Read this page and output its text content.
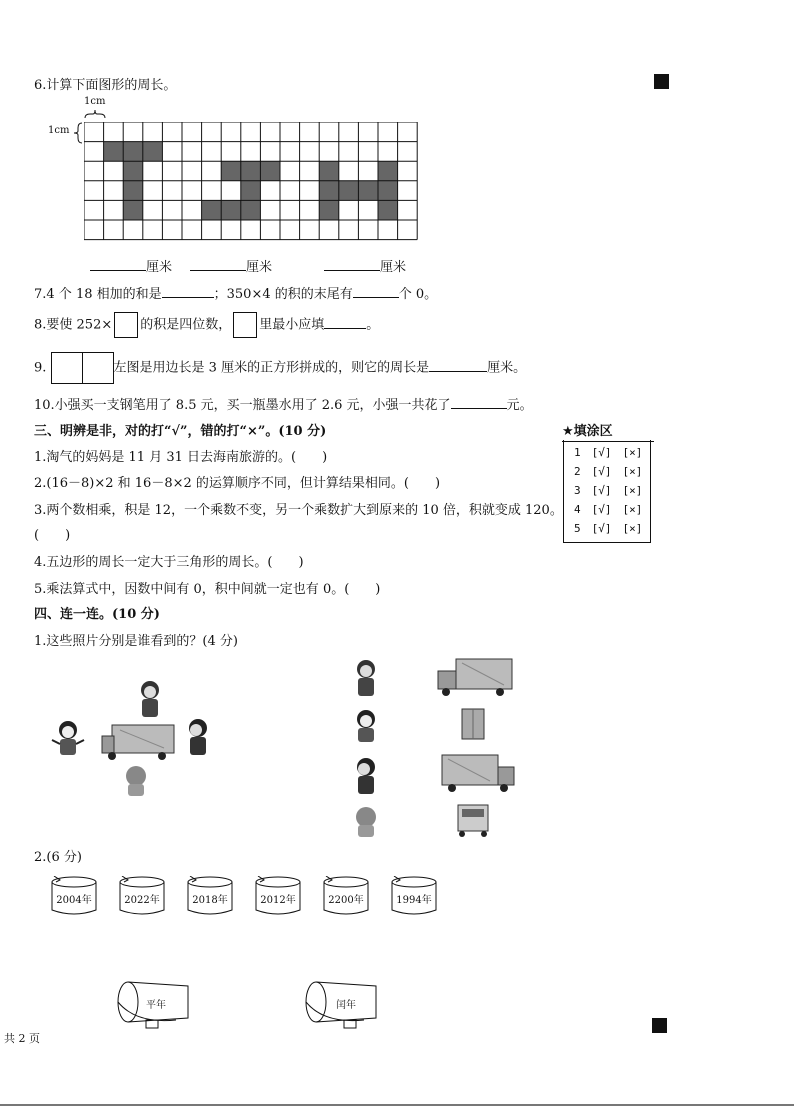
6.计算下面图形的周长。
1cm
1cm
厘米	厘米	厘米
7.4 个 18 相加的和是	；350×4 的积的末尾有	个 0。
8.要使 252× 的积是四位数， 里最小应填	。
9.	左图是用边长是 3 厘米的正方形拼成的，则它的周长是	厘米。
10.小强买一支钢笔用了 8.5 元，买一瓶墨水用了 2.6 元，小强一共花了	元。
三、明辨是非，对的打“√”，错的打“×”。(10 分)
1.淘气的妈妈是 11 月 31 日去海南旅游的。(　　)
2.(16－8)×2 和 16－8×2 的运算顺序不同，但计算结果相同。(　　)
3.两个数相乘，积是 12，一个乘数不变，另一个乘数扩大到原来的 10 倍，积就变成 120。
(　　)
4.五边形的周长一定大于三角形的周长。(　　)
5.乘法算式中，因数中间有 0，积中间就一定也有 0。(　　)
★填涂区
1　[√]　[×]
2　[√]　[×]
3　[√]　[×]
4　[√]　[×]
5　[√]　[×]
四、连一连。(10 分)
1.这些照片分别是谁看到的？(4 分)
2.(6 分)
2004年	2022年	2018年	2012年	2200年	1994年
平年	闰年
共 2 页
